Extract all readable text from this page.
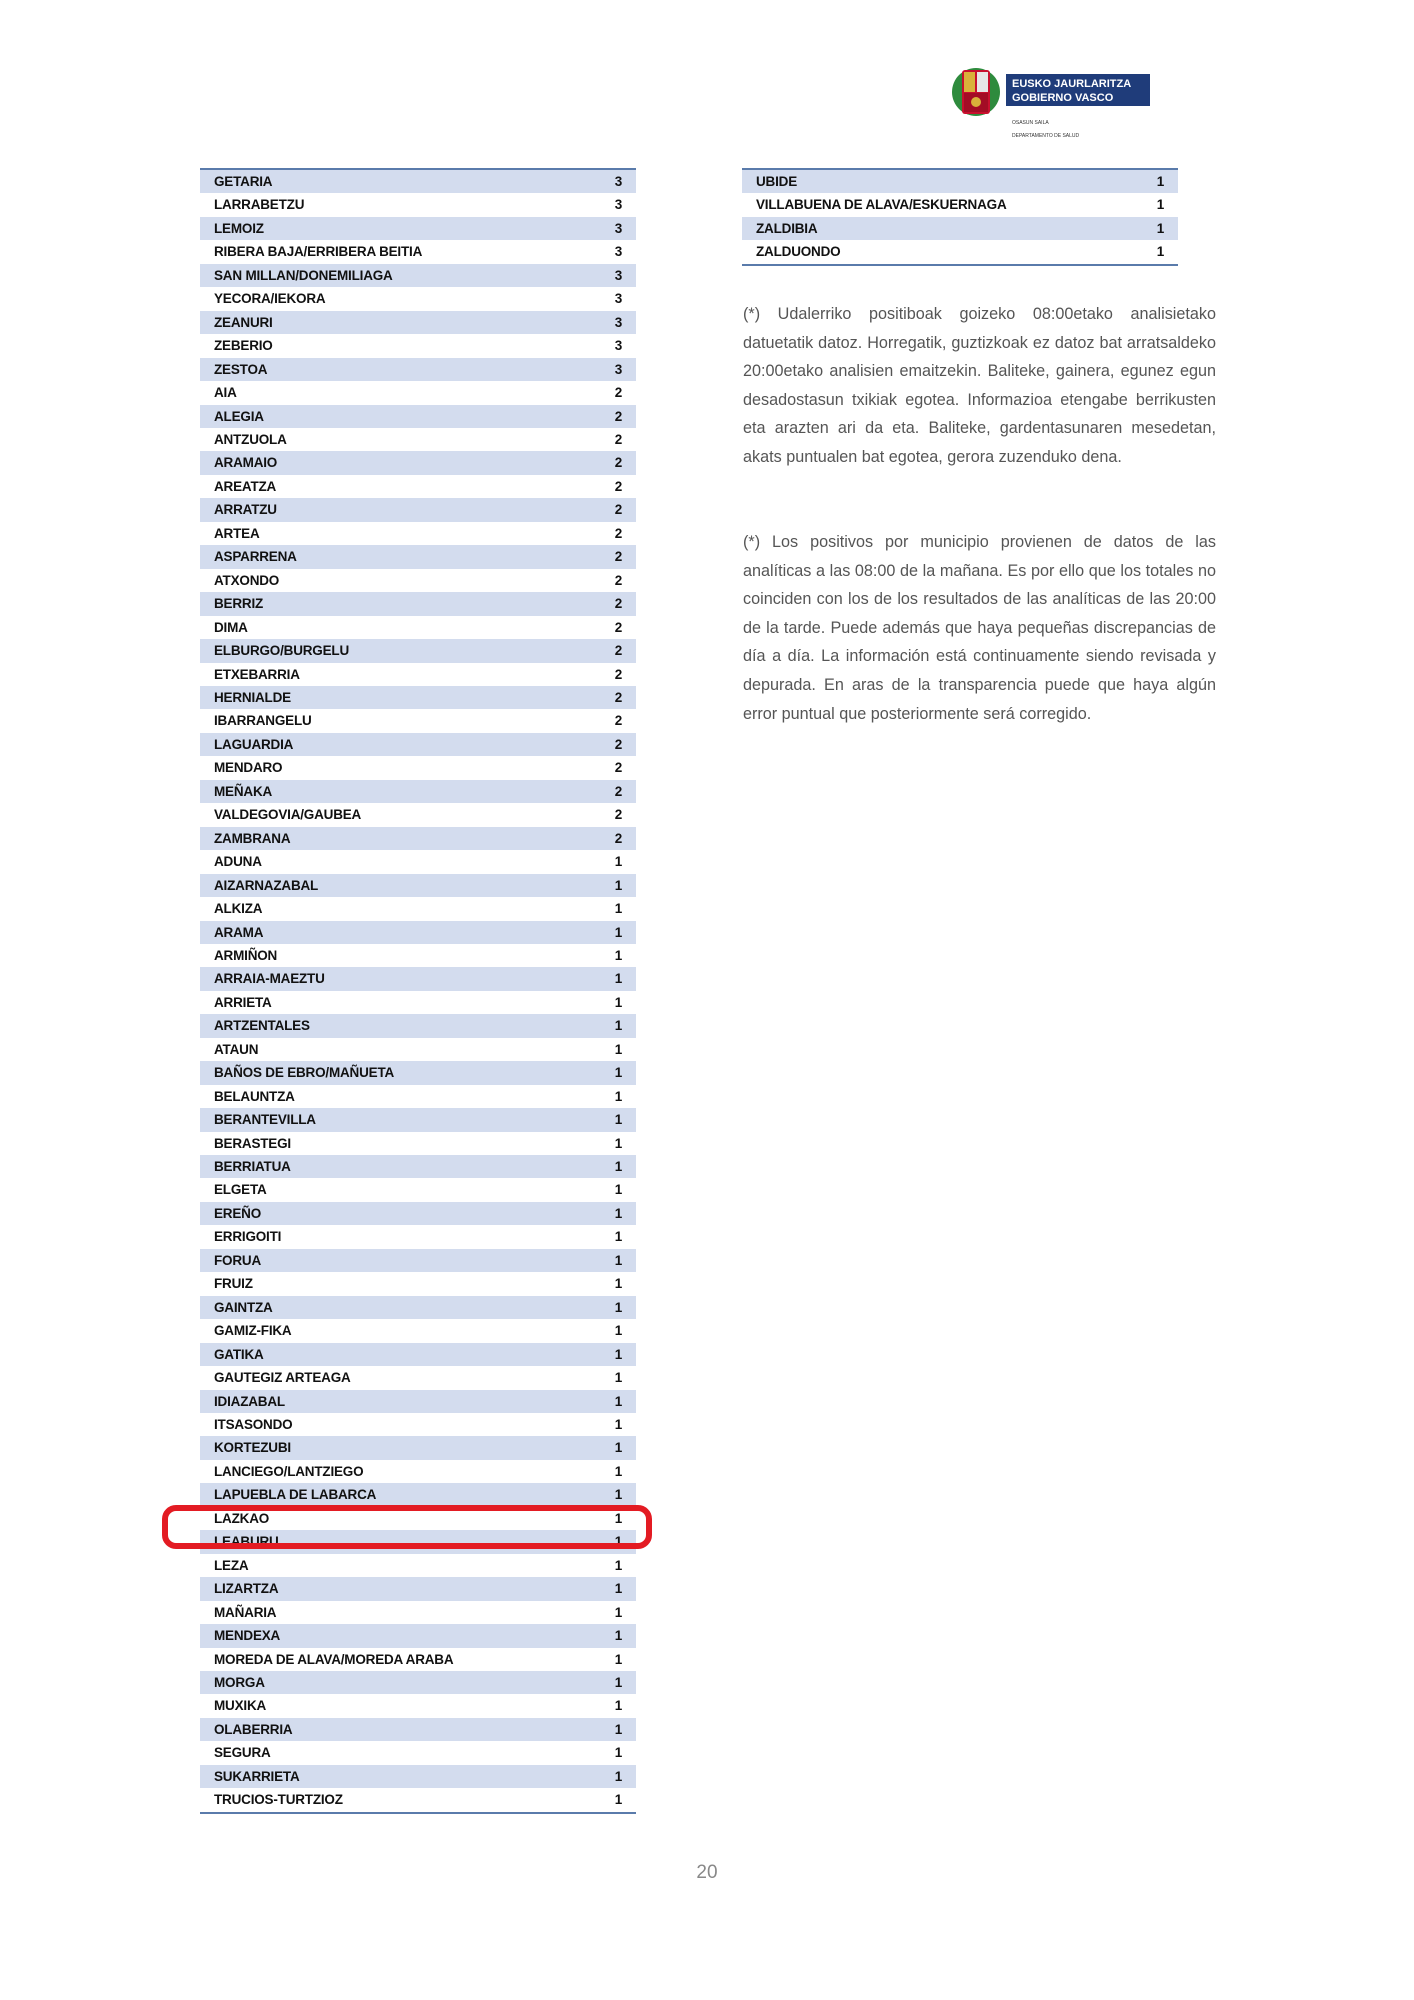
EUSKO JAURLARITZA
GOBIERNO VASCO
OSASUN SAILA
DEPARTAMENTO DE SALUD
GETARIA	3
LARRABETZU	3
LEMOIZ	3
RIBERA BAJA/ERRIBERA BEITIA	3
SAN MILLAN/DONEMILIAGA	3
YECORA/IEKORA	3
ZEANURI	3
ZEBERIO	3
ZESTOA	3
AIA	2
ALEGIA	2
ANTZUOLA	2
ARAMAIO	2
AREATZA	2
ARRATZU	2
ARTEA	2
ASPARRENA	2
ATXONDO	2
BERRIZ	2
DIMA	2
ELBURGO/BURGELU	2
ETXEBARRIA	2
HERNIALDE	2
IBARRANGELU	2
LAGUARDIA	2
MENDARO	2
MEÑAKA	2
VALDEGOVIA/GAUBEA	2
ZAMBRANA	2
ADUNA	1
AIZARNAZABAL	1
ALKIZA	1
ARAMA	1
ARMIÑON	1
ARRAIA-MAEZTU	1
ARRIETA	1
ARTZENTALES	1
ATAUN	1
BAÑOS DE EBRO/MAÑUETA	1
BELAUNTZA	1
BERANTEVILLA	1
BERASTEGI	1
BERRIATUA	1
ELGETA	1
EREÑO	1
ERRIGOITI	1
FORUA	1
FRUIZ	1
GAINTZA	1
GAMIZ-FIKA	1
GATIKA	1
GAUTEGIZ ARTEAGA	1
IDIAZABAL	1
ITSASONDO	1
KORTEZUBI	1
LANCIEGO/LANTZIEGO	1
LAPUEBLA DE LABARCA	1
LAZKAO	1
LEABURU	1
LEZA	1
LIZARTZA	1
MAÑARIA	1
MENDEXA	1
MOREDA DE ALAVA/MOREDA ARABA	1
MORGA	1
MUXIKA	1
OLABERRIA	1
SEGURA	1
SUKARRIETA	1
TRUCIOS-TURTZIOZ	1
UBIDE	1
VILLABUENA DE ALAVA/ESKUERNAGA	1
ZALDIBIA	1
ZALDUONDO	1

(*) Udalerriko positiboak goizeko 08:00etako analisietako datuetatik datoz. Horregatik, guztizkoak ez datoz bat arratsaldeko 20:00etako analisien emaitzekin. Baliteke, gainera, egunez egun desadostasun txikiak egotea. Informazioa etengabe berrikusten eta arazten ari da eta. Baliteke, gardentasunaren mesedetan, akats puntualen bat egotea, gerora zuzenduko dena.

(*) Los positivos por municipio provienen de datos de las analíticas a las 08:00 de la mañana. Es por ello que los totales no coinciden con los de los resultados de las analíticas de las 20:00 de la tarde. Puede además que haya pequeñas discrepancias de día a día. La información está continuamente siendo revisada y depurada. En aras de la transparencia puede que haya algún error puntual que posteriormente será corregido.

20
